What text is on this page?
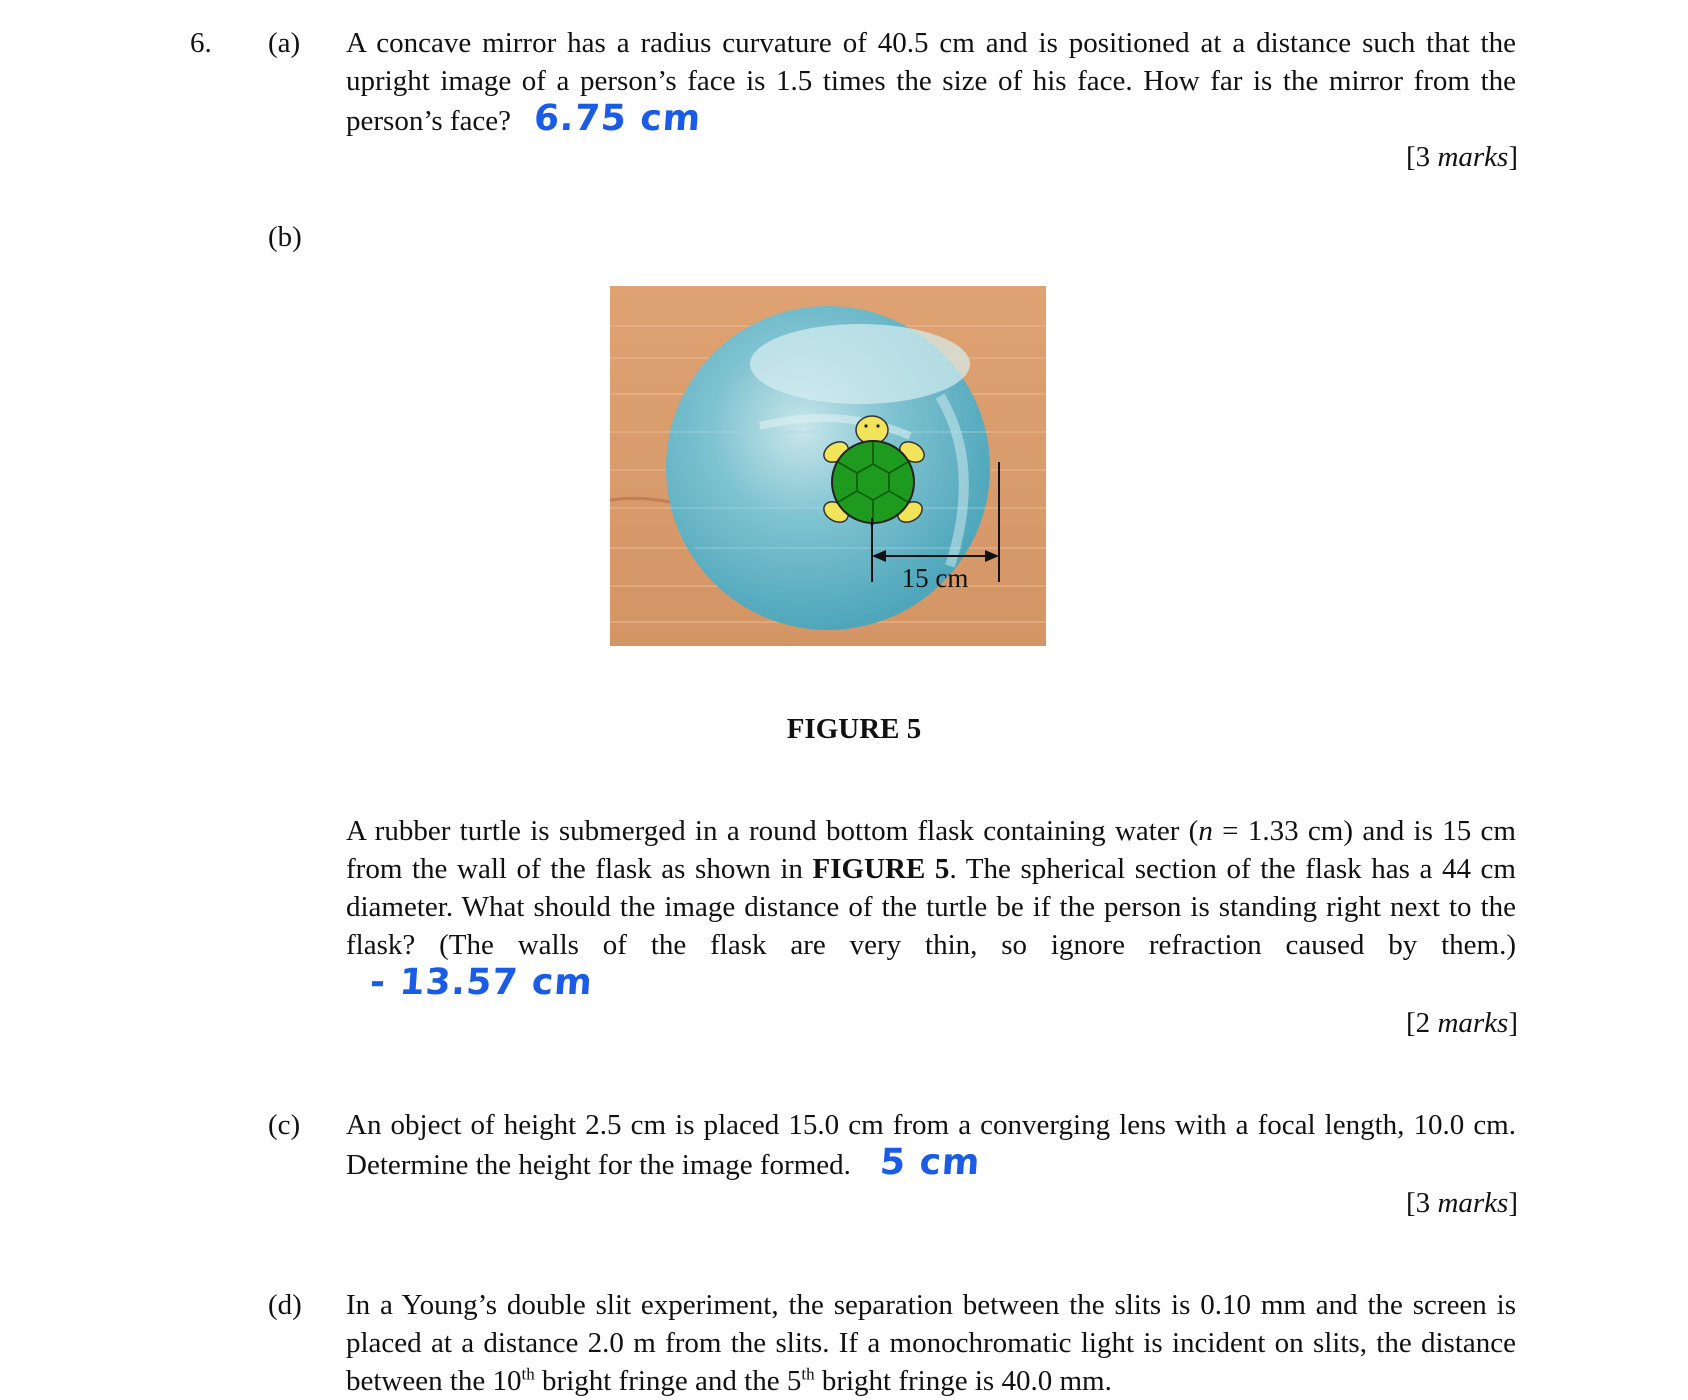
6. (a) A concave mirror has a radius curvature of 40.5 cm and is positioned at a distance such that the upright image of a person’s face is 1.5 times the size of his face. How far is the mirror from the person’s face? 6.75 cm
[3 marks]
(b)
15 cm
FIGURE 5
A rubber turtle is submerged in a round bottom flask containing water (n = 1.33 cm) and is 15 cm from the wall of the flask as shown in FIGURE 5. The spherical section of the flask has a 44 cm diameter. What should the image distance of the turtle be if the person is standing right next to the flask? (The walls of the flask are very thin, so ignore refraction caused by them.) - 13.57 cm
[2 marks]
(c) An object of height 2.5 cm is placed 15.0 cm from a converging lens with a focal length, 10.0 cm. Determine the height for the image formed. 5 cm
[3 marks]
(d) In a Young’s double slit experiment, the separation between the slits is 0.10 mm and the screen is placed at a distance 2.0 m from the slits. If a monochromatic light is incident on slits, the distance between the 10th bright fringe and the 5th bright fringe is 40.0 mm.
